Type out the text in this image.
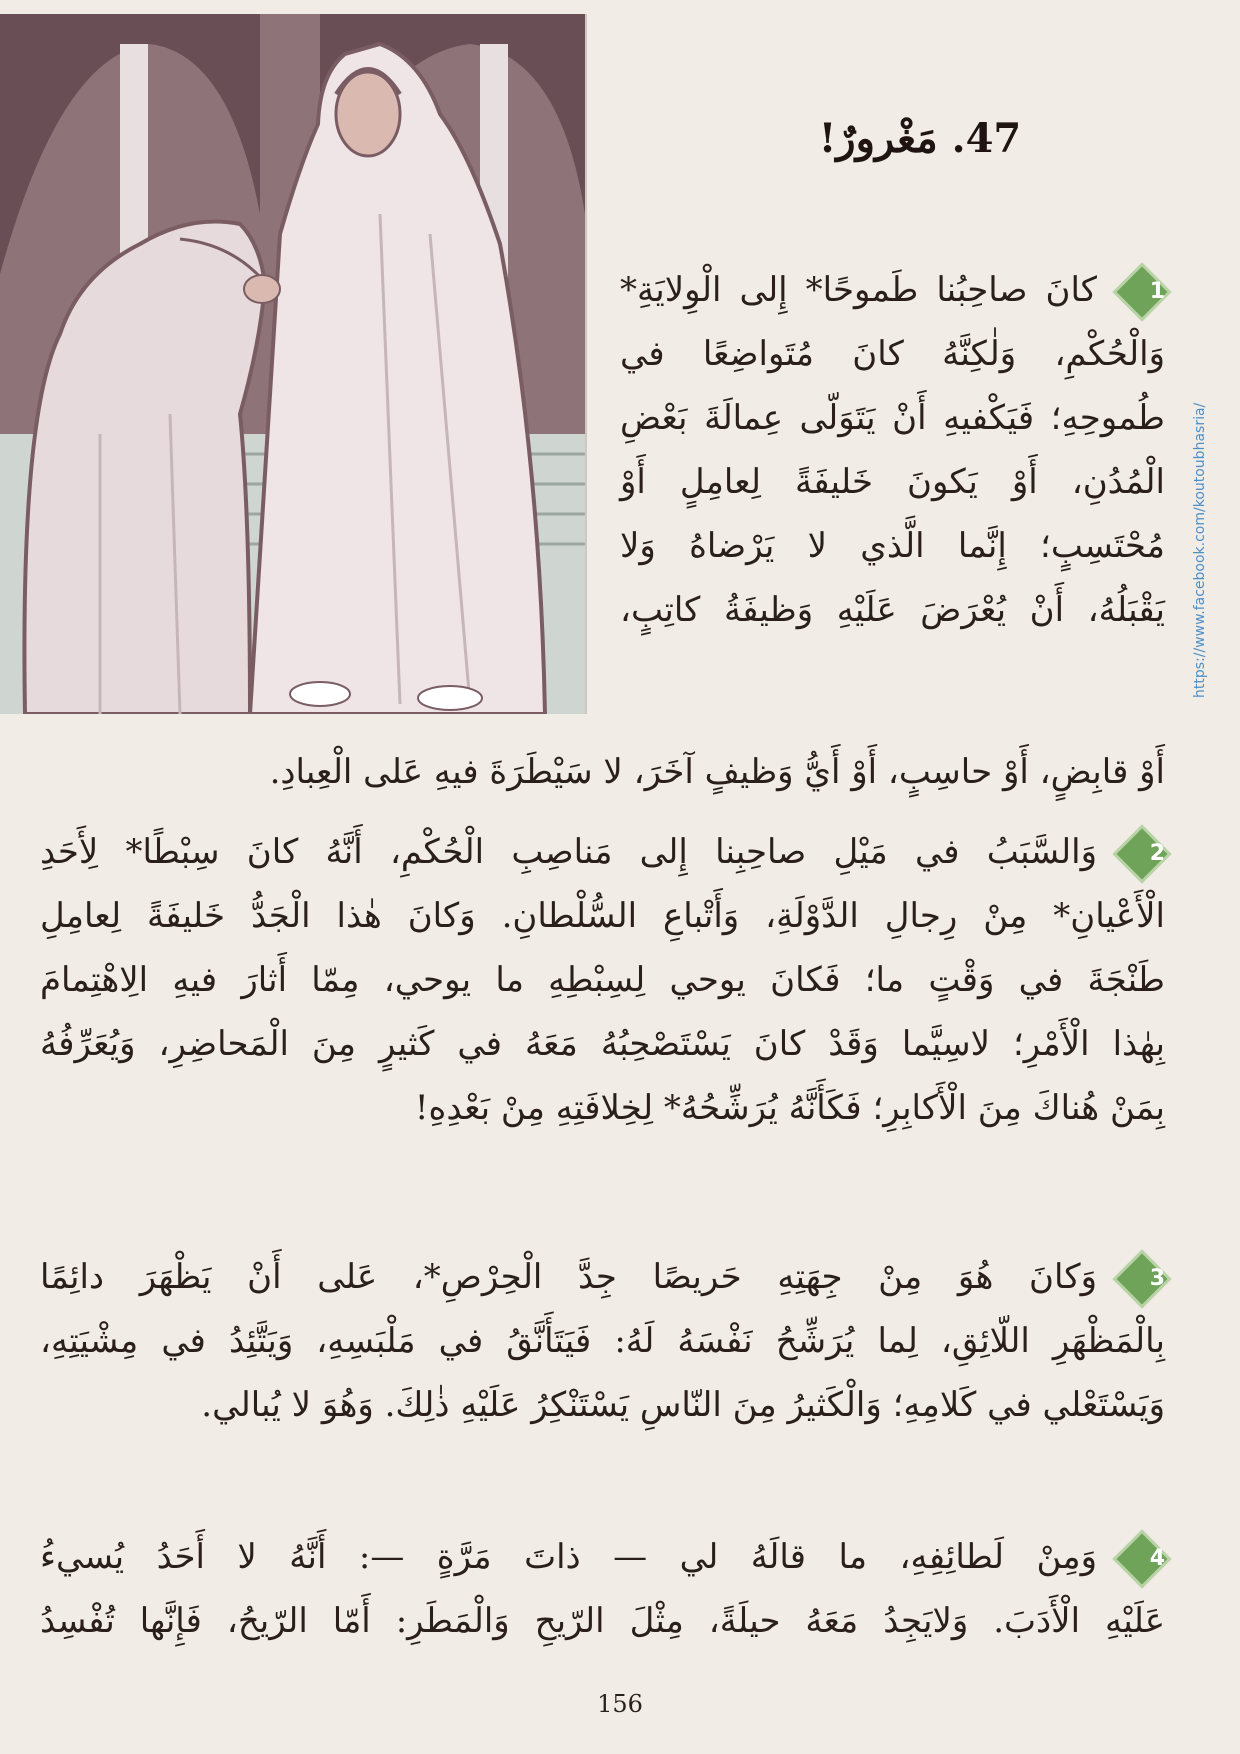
47. مَغْرورٌ!
1
كانَ صاحِبُنا طَموحًا* إِلى الْوِلايَةِ*
وَالْحُكْمِ، وَلٰكِنَّهُ كانَ مُتَواضِعًا في
طُموحِهِ؛ فَيَكْفيهِ أَنْ يَتَوَلّى عِمالَةَ بَعْضِ
الْمُدُنِ، أَوْ يَكونَ خَليفَةً لِعامِلٍ أَوْ
مُحْتَسِبٍ؛ إِنَّما الَّذي لا يَرْضاهُ وَلا
يَقْبَلُهُ، أَنْ يُعْرَضَ عَلَيْهِ وَظيفَةُ كاتِبٍ،
أَوْ قابِضٍ، أَوْ حاسِبٍ، أَوْ أَيُّ وَظيفٍ آخَرَ، لا سَيْطَرَةَ فيهِ عَلى الْعِبادِ.
2
وَالسَّبَبُ في مَيْلِ صاحِبِنا إِلى مَناصِبِ الْحُكْمِ، أَنَّهُ كانَ سِبْطًا* لِأَحَدِ
الْأَعْيانِ* مِنْ رِجالِ الدَّوْلَةِ، وَأَتْباعِ السُّلْطانِ. وَكانَ هٰذا الْجَدُّ خَليفَةً لِعامِلِ
طَنْجَةَ في وَقْتٍ ما؛ فَكانَ يوحي لِسِبْطِهِ ما يوحي، مِمّا أَثارَ فيهِ الِاهْتِمامَ
بِهٰذا الْأَمْرِ؛ لاسِيَّما وَقَدْ كانَ يَسْتَصْحِبُهُ مَعَهُ في كَثيرٍ مِنَ الْمَحاضِرِ، وَيُعَرِّفُهُ
بِمَنْ هُناكَ مِنَ الْأَكابِرِ؛ فَكَأَنَّهُ يُرَشِّحُهُ* لِخِلافَتِهِ مِنْ بَعْدِهِ!
3
وَكانَ هُوَ مِنْ جِهَتِهِ حَريصًا جِدَّ الْحِرْصِ*، عَلى أَنْ يَظْهَرَ دائِمًا
بِالْمَظْهَرِ اللّائِقِ، لِما يُرَشِّحُ نَفْسَهُ لَهُ: فَيَتَأَنَّقُ في مَلْبَسِهِ، وَيَتَّئِدُ في مِشْيَتِهِ،
وَيَسْتَعْلي في كَلامِهِ؛ وَالْكَثيرُ مِنَ النّاسِ يَسْتَنْكِرُ عَلَيْهِ ذٰلِكَ. وَهُوَ لا يُبالي.
4
وَمِنْ لَطائِفِهِ، ما قالَهُ لي — ذاتَ مَرَّةٍ —: أَنَّهُ لا أَحَدُ يُسيءُ
عَلَيْهِ الْأَدَبَ. وَلايَجِدُ مَعَهُ حيلَةً، مِثْلَ الرّيحِ وَالْمَطَرِ: أَمّا الرّيحُ، فَإِنَّها تُفْسِدُ
https://www.facebook.com/koutoubhasria/
156
